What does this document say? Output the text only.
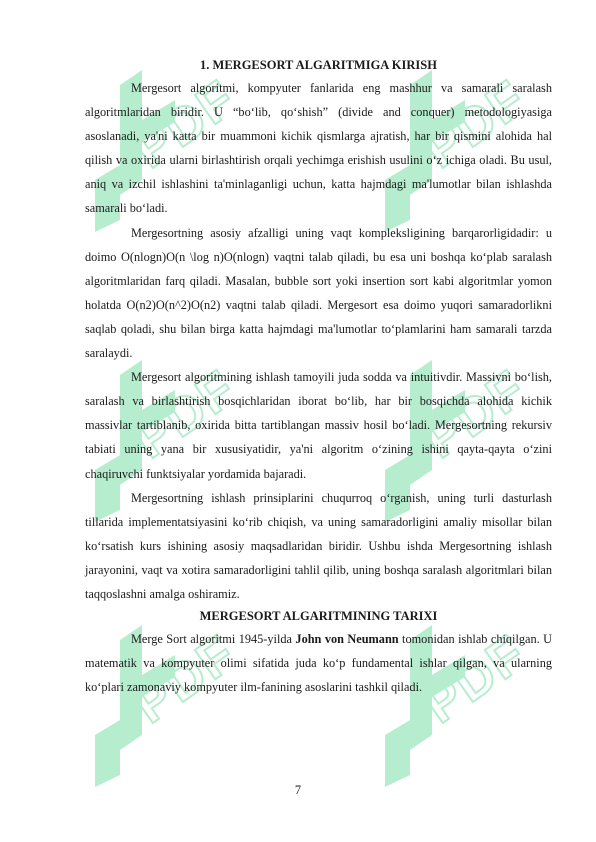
PDF	PDF
PDF	PDF
PDF	PDF
1. MERGESORT ALGARITMIGA KIRISH

Mergesort algoritmi, kompyuter fanlarida eng mashhur va samarali saralash algoritmlaridan biridir. U “bo‘lib, qo‘shish” (divide and conquer) metodologiyasiga asoslanadi, ya'ni katta bir muammoni kichik qismlarga ajratish, har bir qismini alohida hal qilish va oxirida ularni birlashtirish orqali yechimga erishish usulini o‘z ichiga oladi. Bu usul, aniq va izchil ishlashini ta'minlaganligi uchun, katta hajmdagi ma'lumotlar bilan ishlashda samarali bo‘ladi.

Mergesortning asosiy afzalligi uning vaqt kompleksligining barqarorligidadir: u doimo O(nlogn)O(n \log n)O(nlogn) vaqtni talab qiladi, bu esa uni boshqa ko‘plab saralash algoritmlaridan farq qiladi. Masalan, bubble sort yoki insertion sort kabi algoritmlar yomon holatda O(n2)O(n^2)O(n2) vaqtni talab qiladi. Mergesort esa doimo yuqori samaradorlikni saqlab qoladi, shu bilan birga katta hajmdagi ma'lumotlar to‘plamlarini ham samarali tarzda saralaydi.

Mergesort algoritmining ishlash tamoyili juda sodda va intuitivdir. Massivni bo‘lish, saralash va birlashtirish bosqichlaridan iborat bo‘lib, har bir bosqichda alohida kichik massivlar tartiblanib, oxirida bitta tartiblangan massiv hosil bo‘ladi. Mergesortning rekursiv tabiati uning yana bir xususiyatidir, ya'ni algoritm o‘zining ishini qayta-qayta o‘zini chaqiruvchi funktsiyalar yordamida bajaradi.

Mergesortning ishlash prinsiplarini chuqurroq o‘rganish, uning turli dasturlash tillarida implementatsiyasini ko‘rib chiqish, va uning samaradorligini amaliy misollar bilan ko‘rsatish kurs ishining asosiy maqsadlaridan biridir. Ushbu ishda Mergesortning ishlash jarayonini, vaqt va xotira samaradorligini tahlil qilib, uning boshqa saralash algoritmlari bilan taqqoslashni amalga oshiramiz.

MERGESORT ALGARITMINING TARIXI

Merge Sort algoritmi 1945-yilda John von Neumann tomonidan ishlab chiqilgan. U matematik va kompyuter olimi sifatida juda ko‘p fundamental ishlar qilgan, va ularning ko‘plari zamonaviy kompyuter ilm-fanining asoslarini tashkil qiladi.

7
